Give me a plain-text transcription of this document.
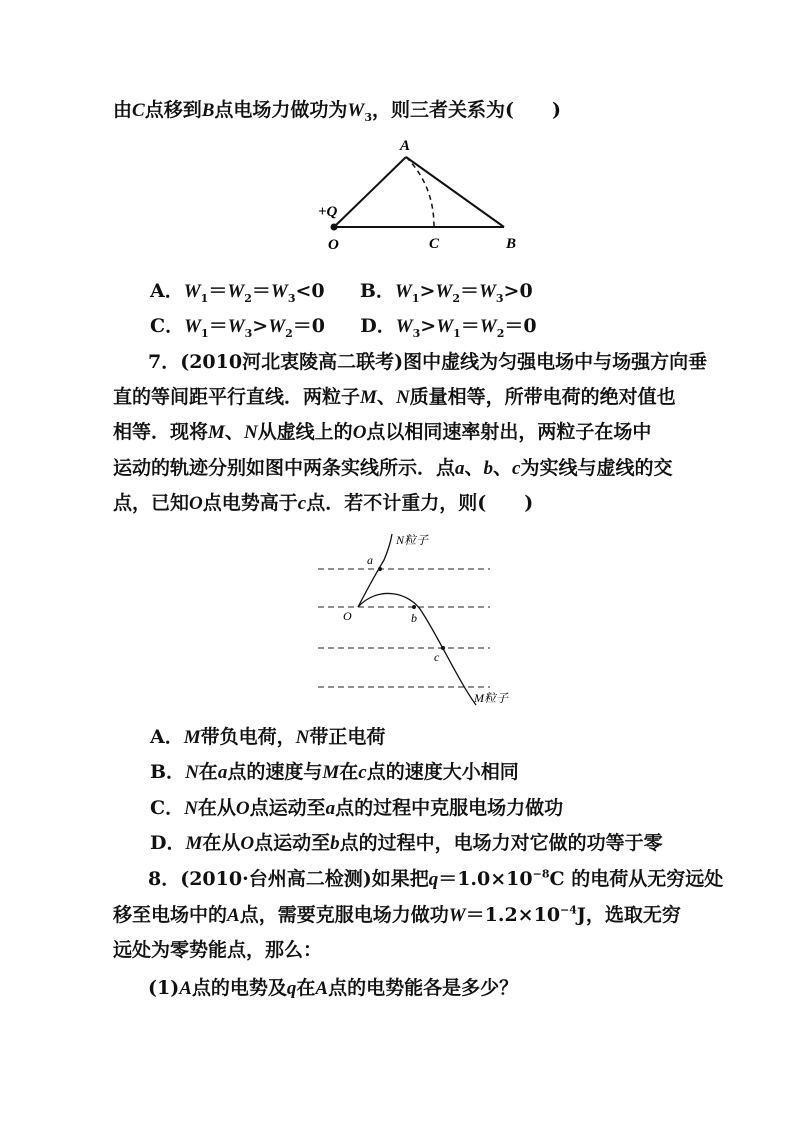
由C点移到B点电场力做功为$W_3$，则三者关系为(　　)
A
+Q
O	C	B
A．$W_1=W_2=W_3<0$ B．$W_1>W_2=W_3>0$
C．$W_1=W_3>W_2=0$ D．$W_3>W_1=W_2=0$
7．(2010河北衷陵高二联考)图中虚线为匀强电场中与场强方向垂
直的等间距平行直线．两粒子M、N质量相等，所带电荷的绝对值也
相等．现将M、N从虚线上的O点以相同速率射出，两粒子在场中
运动的轨迹分别如图中两条实线所示．点a、b、c为实线与虚线的交
点，已知O点电势高于c点．若不计重力，则(　　)
N粒子
a
O	b
c
M粒子
A．M带负电荷，N带正电荷
B．N在a点的速度与M在c点的速度大小相同
C．N在从O点运动至a点的过程中克服电场力做功
D．M在从O点运动至b点的过程中，电场力对它做的功等于零
8．(2010·台州高二检测)如果把$q=1.0\times 10^{-8}C$ 的电荷从无穷远处
移至电场中的A点，需要克服电场力做功$W=1.2\times 10^{-4}J$，选取无穷
远处为零势能点，那么：
(1)A点的电势及q在A点的电势能各是多少？
